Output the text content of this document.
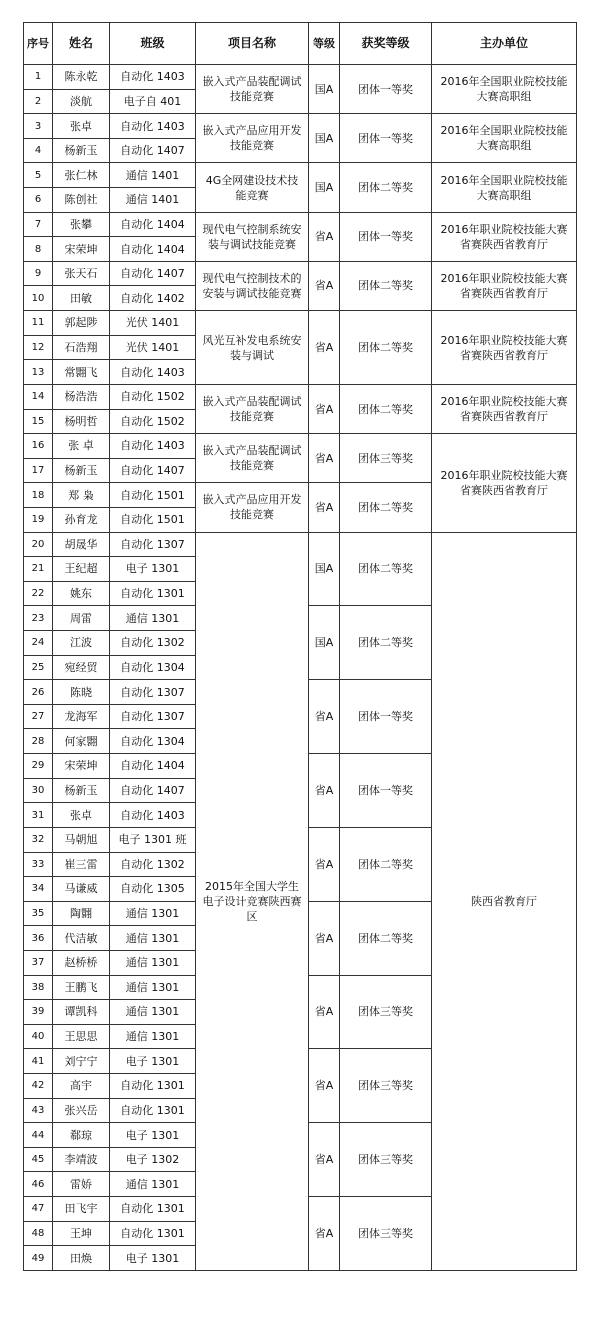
序号	姓名	班级	项目名称	等级	获奖等级	主办单位
1	陈永乾	自动化 1403	嵌入式产品装配调试技能竞赛	国A	团体一等奖	2016年全国职业院校技能大赛高职组
2	淡航	电子自 401				
3	张卓	自动化 1403	嵌入式产品应用开发技能竞赛	国A	团体一等奖	2016年全国职业院校技能大赛高职组
4	杨新玉	自动化 1407				
5	张仁林	通信 1401	4G全网建设技术技能竞赛	国A	团体二等奖	2016年全国职业院校技能大赛高职组
6	陈创社	通信 1401				
7	张攀	自动化 1404	现代电气控制系统安装与调试技能竞赛	省A	团体一等奖	2016年职业院校技能大赛省赛陕西省教育厅
8	宋荣坤	自动化 1404				
9	张天石	自动化 1407	现代电气控制技术的安装与调试技能竞赛	省A	团体二等奖	2016年职业院校技能大赛省赛陕西省教育厅
10	田敏	自动化 1402				
11	郭起陟	光伏 1401	风光互补发电系统安装与调试	省A	团体二等奖	2016年职业院校技能大赛省赛陕西省教育厅
12	石浩翔	光伏 1401				
13	常翾飞	自动化 1403				
14	杨浩浩	自动化 1502	嵌入式产品装配调试技能竞赛	省A	团体二等奖	2016年职业院校技能大赛省赛陕西省教育厅
15	杨明哲	自动化 1502				
16	张 卓	自动化 1403	嵌入式产品装配调试技能竞赛	省A	团体三等奖	2016年职业院校技能大赛省赛陕西省教育厅
17	杨新玉	自动化 1407				
18	郑 枭	自动化 1501	嵌入式产品应用开发技能竞赛	省A	团体二等奖	
19	孙育龙	自动化 1501				
20	胡晟华	自动化 1307	2015年全国大学生电子设计竞赛陕西赛区	国A	团体二等奖	陕西省教育厅
21	王纪超	电子 1301				
22	姚东	自动化 1301				
23	周雷	通信 1301		国A	团体二等奖	
24	江波	自动化 1302				
25	宛经贸	自动化 1304				
26	陈晓	自动化 1307		省A	团体一等奖	
27	龙海军	自动化 1307				
28	何家翾	自动化 1304				
29	宋荣坤	自动化 1404		省A	团体一等奖	
30	杨新玉	自动化 1407				
31	张卓	自动化 1403				
32	马朝旭	电子 1301 班		省A	团体二等奖	
33	崔三雷	自动化 1302				
34	马谦威	自动化 1305				
35	陶翾	通信 1301		省A	团体二等奖	
36	代洁敏	通信 1301				
37	赵桥桥	通信 1301				
38	王鹏飞	通信 1301		省A	团体三等奖	
39	谭凯科	通信 1301				
40	王思思	通信 1301				
41	刘宁宁	电子 1301		省A	团体三等奖	
42	高宇	自动化 1301				
43	张兴岳	自动化 1301				
44	郗琼	电子 1301		省A	团体三等奖	
45	李靖波	电子 1302				
46	雷娇	通信 1301				
47	田飞宇	自动化 1301		省A	团体三等奖	
48	王坤	自动化 1301				
49	田焕	电子 1301				
